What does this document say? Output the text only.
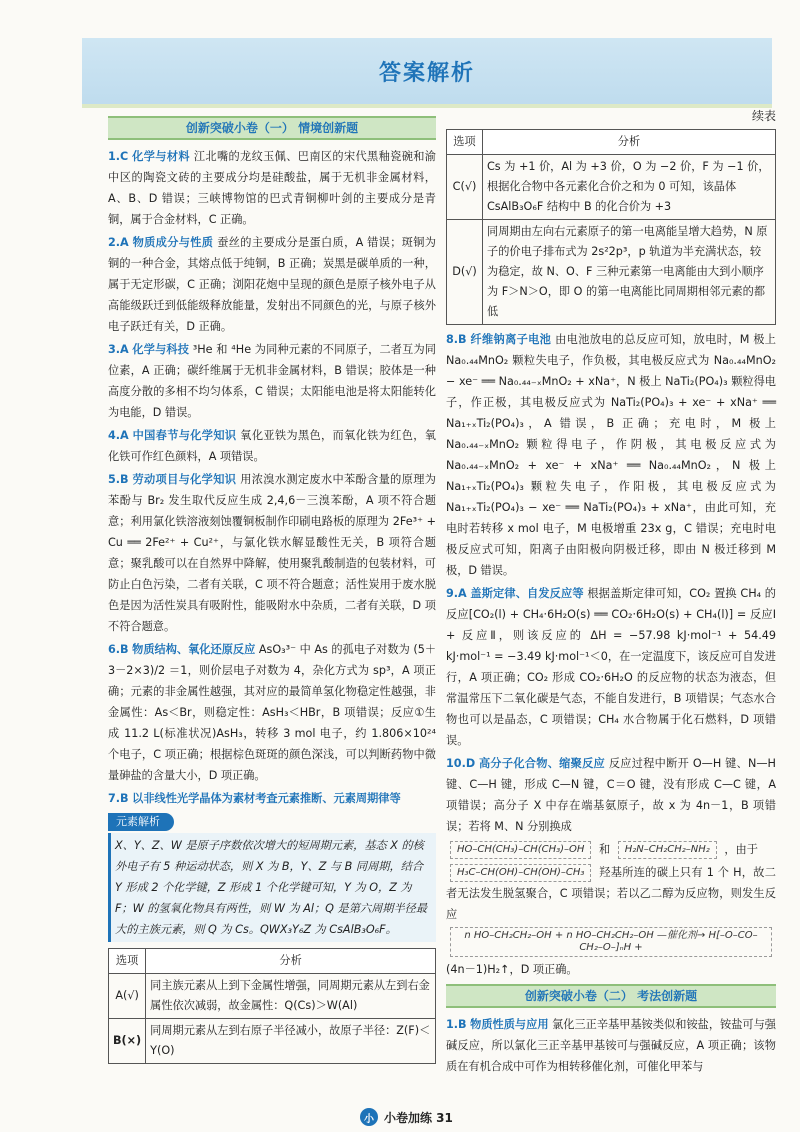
答案解析
创新突破小卷（一） 情境创新题
1.C 化学与材料 江北嘴的龙纹玉佩、巴南区的宋代黑釉瓷碗和渝中区的陶瓷文砖的主要成分均是硅酸盐，属于无机非金属材料，A、B、D 错误；三峡博物馆的巴式青铜柳叶剑的主要成分是青铜，属于合金材料，C 正确。
2.A 物质成分与性质 蚕丝的主要成分是蛋白质，A 错误；斑铜为铜的一种合金，其熔点低于纯铜，B 正确；炭黑是碳单质的一种，属于无定形碳，C 正确；浏阳花炮中呈现的颜色是原子核外电子从高能级跃迁到低能级释放能量，发射出不同颜色的光，与原子核外电子跃迁有关，D 正确。
3.A 化学与科技 ³He 和 ⁴He 为同种元素的不同原子，二者互为同位素，A 正确；碳纤维属于无机非金属材料，B 错误；胶体是一种高度分散的多相不均匀体系，C 错误；太阳能电池是将太阳能转化为电能，D 错误。
4.A 中国春节与化学知识 氧化亚铁为黑色，而氧化铁为红色，氧化铁可作红色颜料，A 项错误。
5.B 劳动项目与化学知识 用浓溴水测定废水中苯酚含量的原理为苯酚与 Br₂ 发生取代反应生成 2,4,6－三溴苯酚，A 项不符合题意；利用氯化铁溶液刻蚀覆铜板制作印刷电路板的原理为 2Fe³⁺ + Cu ══ 2Fe²⁺ + Cu²⁺，与氯化铁水解显酸性无关，B 项符合题意；聚乳酸可以在自然界中降解，使用聚乳酸制造的包装材料，可防止白色污染，二者有关联，C 项不符合题意；活性炭用于废水脱色是因为活性炭具有吸附性，能吸附水中杂质，二者有关联，D 项不符合题意。
6.B 物质结构、氧化还原反应 AsO₃³⁻ 中 As 的孤电子对数为 (5＋3－2×3)/2 ＝1，则价层电子对数为 4，杂化方式为 sp³，A 项正确；元素的非金属性越强，其对应的最简单氢化物稳定性越强，非金属性：As＜Br，则稳定性：AsH₃＜HBr，B 项错误；反应①生成 11.2 L(标准状况)AsH₃，转移 3 mol 电子，约 1.806×10²⁴ 个电子，C 项正确；根据棕色斑斑的颜色深浅，可以判断药物中微量砷盐的含量大小，D 项正确。
7.B 以非线性光学晶体为素材考查元素推断、元素周期律等
元素解析
X、Y、Z、W 是原子序数依次增大的短周期元素，基态 X 的核外电子有 5 种运动状态，则 X 为 B，Y、Z 与 B 同周期，结合 Y 形成 2 个化学键，Z 形成 1 个化学键可知，Y 为 O，Z 为 F；W 的氢氧化物具有两性，则 W 为 Al；Q 是第六周期半径最大的主族元素，则 Q 为 Cs。QWX₃Y₆Z 为 CsAlB₃O₆F。
选项	分析
A(√)	同主族元素从上到下金属性增强，同周期元素从左到右金属性依次减弱，故金属性：Q(Cs)＞W(Al)
B(×)	同周期元素从左到右原子半径减小，故原子半径：Z(F)＜Y(O)
续表
选项	分析
C(√)	Cs 为 +1 价，Al 为 +3 价，O 为 −2 价，F 为 −1 价，根据化合物中各元素化合价之和为 0 可知，该晶体 CsAlB₃O₆F 结构中 B 的化合价为 +3
D(√)	同周期由左向右元素原子的第一电离能呈增大趋势，N 原子的价电子排布式为 2s²2p³，p 轨道为半充满状态，较为稳定，故 N、O、F 三种元素第一电离能由大到小顺序为 F＞N＞O，即 O 的第一电离能比同周期相邻元素的都低
8.B 纤维钠离子电池 由电池放电的总反应可知，放电时，M 极上 Na₀.₄₄MnO₂ 颗粒失电子，作负极，其电极反应式为 Na₀.₄₄MnO₂ − xe⁻ ══ Na₀.₄₄₋ₓMnO₂ + xNa⁺，N 极上 NaTi₂(PO₄)₃ 颗粒得电子，作正极，其电极反应式为 NaTi₂(PO₄)₃ + xe⁻ + xNa⁺ ══ Na₁₊ₓTi₂(PO₄)₃，A 错误，B 正确；充电时，M 极上 Na₀.₄₄₋ₓMnO₂ 颗粒得电子，作阴极，其电极反应式为 Na₀.₄₄₋ₓMnO₂ + xe⁻ + xNa⁺ ══ Na₀.₄₄MnO₂，N 极上 Na₁₊ₓTi₂(PO₄)₃ 颗粒失电子，作阳极，其电极反应式为 Na₁₊ₓTi₂(PO₄)₃ − xe⁻ ══ NaTi₂(PO₄)₃ + xNa⁺，由此可知，充电时若转移 x mol 电子，M 电极增重 23x g，C 错误；充电时电极反应式可知，阳离子由阳极向阴极迁移，即由 N 极迁移到 M 极，D 错误。
9.A 盖斯定律、自发反应等 根据盖斯定律可知，CO₂ 置换 CH₄ 的反应[CO₂(l) + CH₄·6H₂O(s) ══ CO₂·6H₂O(s) + CH₄(l)] = 反应Ⅰ + 反应Ⅱ，则该反应的 ΔH = −57.98 kJ·mol⁻¹ + 54.49 kJ·mol⁻¹ = −3.49 kJ·mol⁻¹＜0，在一定温度下，该反应可自发进行，A 项正确；CO₂ 形成 CO₂·6H₂O 的反应物的状态为液态，但常温常压下二氧化碳是气态，不能自发进行，B 项错误；气态水合物也可以是晶态，C 项错误；CH₄ 水合物属于化石燃料，D 项错误。
10.D 高分子化合物、缩聚反应 反应过程中断开 O—H 键、N—H 键、C—H 键，形成 C—N 键，C＝O 键，没有形成 C—C 键，A 项错误；高分子 X 中存在端基氨原子，故 x 为 4n－1，B 项错误；若将 M、N 分别换成
HO–CH(CH₃)–CH(CH₃)–OH 和 H₂N–CH₂CH₂–NH₂ ，由于
H₃C–CH(OH)–CH(OH)–CH₃ 羟基所连的碳上只有 1 个 H，故二者无法发生脱氢聚合，C 项错误；若以乙二醇为反应物，则发生反应
n HO–CH₂CH₂–OH + n HO–CH₂CH₂–OH —催化剂→ H[–O–CO–CH₂–O–]ₙH +
(4n－1)H₂↑，D 项正确。
创新突破小卷（二） 考法创新题
1.B 物质性质与应用 氯化三正辛基甲基铵类似和铵盐，铵盐可与强碱反应，所以氯化三正辛基甲基铵可与强碱反应，A 项正确；该物质在有机合成中可作为相转移催化剂，可催化甲苯与
小 小卷加练 31
